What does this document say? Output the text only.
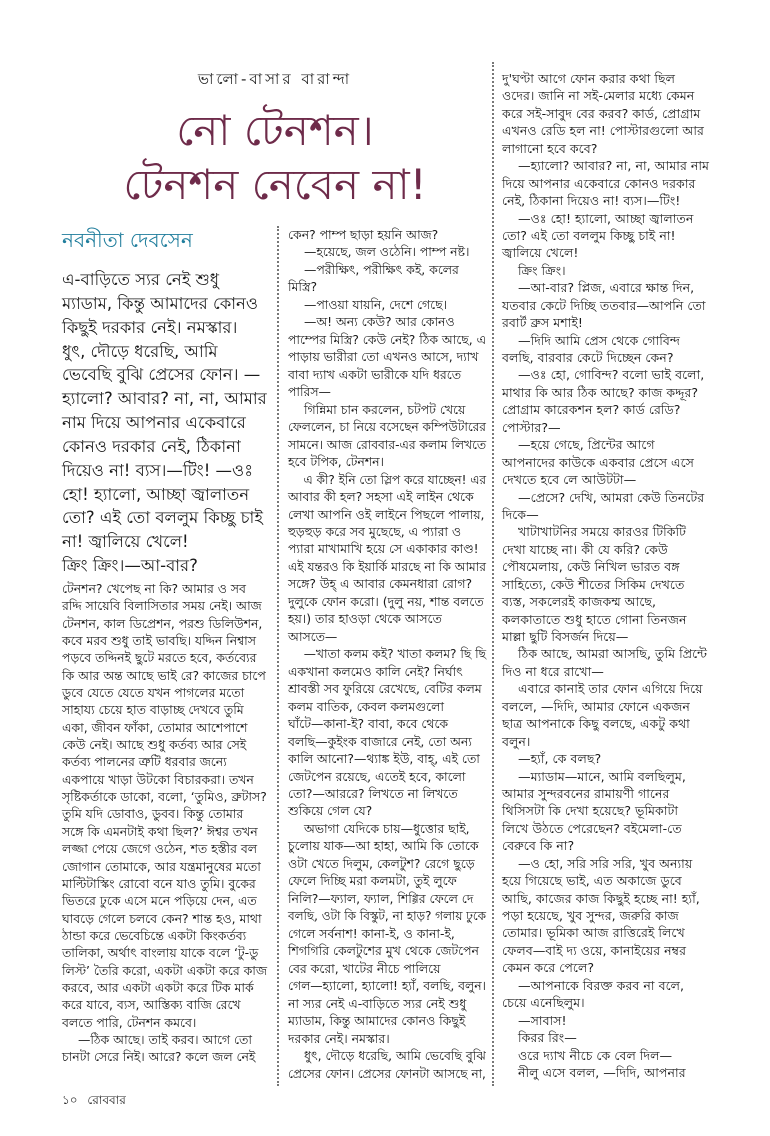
ভালো-বাসার বারান্দা
নো টেনশন।
টেনশন নেবেন না!
নবনীতা দেবসেন
এ-বাড়িতে স্যর নেই শুধু
ম্যাডাম, কিন্তু আমাদের কোনও
কিছুই দরকার নেই। নমস্কার।
ধুৎ, দৌড়ে ধরেছি, আমি
ভেবেছি বুঝি প্রেসের ফোন। —
হ্যালো? আবার? না, না, আমার
নাম দিয়ে আপনার একেবারে
কোনও দরকার নেই, ঠিকানা
দিয়েও না! ব্যস।—টিং! —ওঃ
হো! হ্যালো, আচ্ছা জ্বালাতন
তো? এই তো বললুম কিচ্ছু চাই
না! জ্বালিয়ে খেলে!
ক্রিং ক্রিং।—আ-বার?
টেনশন? খেপেছ না কি? আমার ও সব
রদ্দি সায়েবি বিলাসিতার সময় নেই। আজ
টেনশন, কাল ডিপ্রেশন, পরশু ডিলিউশন,
কবে মরব শুধু তাই ভাবছি। যদ্দিন নিশ্বাস
পড়বে তদ্দিনই ছুটে মরতে হবে, কর্তব্যের
কি আর অন্ত আছে ভাই রে? কাজের চাপে
ডুবে যেতে যেতে যখন পাগলের মতো
সাহায্য চেয়ে হাত বাড়াচ্ছ দেখবে তুমি
একা, জীবন ফাঁকা, তোমার আশেপাশে
কেউ নেই। আছে শুধু কর্তব্য আর সেই
কর্তব্য পালনের ত্রুটি ধরবার জন্যে
একপায়ে খাড়া উটকো বিচারকরা। তখন
সৃষ্টিকর্তাকে ডাকো, বলো, ‘তুমিও, ব্রুটাস?
তুমি যদি ডোবাও, ডুবব। কিন্তু তোমার
সঙ্গে কি এমনটাই কথা ছিল?’ ঈশ্বর তখন
লজ্জা পেয়ে জেগে ওঠেন, শত হস্তীর বল
জোগান তোমাকে, আর যন্ত্রমানুষের মতো
মাল্টিটাস্কিং রোবো বনে যাও তুমি। বুকের
ভিতরে ঢুকে এসে মনে পড়িয়ে দেন, এত
ঘাবড়ে গেলে চলবে কেন? শান্ত হও, মাথা
ঠান্ডা করে ভেবেচিন্তে একটা কিংকর্তব্য
তালিকা, অর্থাৎ বাংলায় যাকে বলে ‘টু-ডু
লিস্ট’ তৈরি করো, একটা একটা করে কাজ
করবে, আর একটা একটা করে টিক মার্ক
করে যাবে, ব্যস, আস্তিক্য বাজি রেখে
বলতে পারি, টেনশন কমবে।
—ঠিক আছে। তাই করব। আগে তো
চানটা সেরে নিই। আরে? কলে জল নেই
কেন? পাম্প ছাড়া হয়নি আজ?
—হয়েছে, জল ওঠেনি। পাম্প নষ্ট।
—পরীক্ষিৎ, পরীক্ষিৎ কই, কলের
মিস্ত্রি?
—পাওয়া যায়নি, দেশে গেছে।
—অ! অন্য কেউ? আর কোনও
পাম্পের মিস্ত্রি? কেউ নেই? ঠিক আছে, এ
পাড়ায় ভারীরা তো এখনও আসে, দ্যাখ
বাবা দ্যাখ একটা ভারীকে যদি ধরতে
পারিস—
গিন্নিমা চান করলেন, চটপট খেয়ে
ফেললেন, চা নিয়ে বসেছেন কম্পিউটারের
সামনে। আজ রোববার-এর কলাম লিখতে
হবে টপিক, টেনশন।
এ কী? ইনি তো স্লিপ করে যাচ্ছেন! এর
আবার কী হল? সহসা এই লাইন থেকে
লেখা আপনি ওই লাইনে পিছলে পালায়,
হুড়হুড় করে সব মুছেছে, এ প্যারা ও
প্যারা মাখামাখি হয়ে সে একাকার কাণ্ড!
এই যন্তরও কি ইয়ার্কি মারছে না কি আমার
সঙ্গে? উহ্ এ আবার কেমনধারা রোগ?
দুলুকে ফোন করো। (দুলু নয়, শান্ত বলতে
হয়।) তার হাওড়া থেকে আসতে
আসতে—
—খাতা কলম কই? খাতা কলম? ছি ছি
একখানা কলমেও কালি নেই? নির্ঘাৎ
শ্রাবস্তী সব ফুরিয়ে রেখেছে, বেটির কলম
কলম বাতিক, কেবল কলমগুলো
ঘাঁটে—কানা-ই? বাবা, কবে থেকে
বলছি—কুইংক বাজারে নেই, তো অন্য
কালি আনো?—থ্যাঙ্ক ইউ, বাহ্, এই তো
জেটপেন রয়েছে, এতেই হবে, কালো
তো?—আররে? লিখতে না লিখতে
শুকিয়ে গেল যে?
অভাগা যেদিকে চায়—ধুত্তোর ছাই,
চুলোয় যাক—আ হাহা, আমি কি তোকে
ওটা খেতে দিলুম, কেলটুশ? রেগে ছুড়ে
ফেলে দিচ্ছি মরা কলমটা, তুই লুফে
নিলি?—ফ্যাল, ফ্যাল, শিগ্গির ফেলে দে
বলছি, ওটা কি বিস্কুট, না হাড়? গলায় ঢুকে
গেলে সর্বনাশ! কানা-ই, ও কানা-ই,
শিগগিরি কেলটুশের মুখ থেকে জেটপেন
বের করো, খাটের নীচে পালিয়ে
গেল—হ্যালো, হ্যালো! হ্যাঁ, বলছি, বলুন।
না স্যর নেই এ-বাড়িতে স্যর নেই শুধু
ম্যাডাম, কিন্তু আমাদের কোনও কিছুই
দরকার নেই। নমস্কার।
ধুৎ, দৌড়ে ধরেছি, আমি ভেবেছি বুঝি
প্রেসের ফোন। প্রেসের ফোনটা আসছে না,
দু'ঘণ্টা আগে ফোন করার কথা ছিল
ওদের। জানি না সই-মেলার মধ্যে কেমন
করে সই-সাবুদ বের করব? কার্ড, প্রোগ্রাম
এখনও রেডি হল না! পোস্টারগুলো আর
লাগানো হবে কবে?
—হ্যালো? আবার? না, না, আমার নাম
দিয়ে আপনার একেবারে কোনও দরকার
নেই, ঠিকানা দিয়েও না! ব্যস।—টিং!
—ওঃ হো! হ্যালো, আচ্ছা জ্বালাতন
তো? এই তো বললুম কিচ্ছু চাই না!
জ্বালিয়ে খেলে!
ক্রিং ক্রিং।
—আ-বার? প্লিজ, এবারে ক্ষান্ত দিন,
যতবার কেটে দিচ্ছি ততবার—আপনি তো
রবার্ট ব্রুস মশাই!
—দিদি আমি প্রেস থেকে গোবিন্দ
বলছি, বারবার কেটে দিচ্ছেন কেন?
—ওঃ হো, গোবিন্দ? বলো ভাই বলো,
মাথার কি আর ঠিক আছে? কাজ কদ্দূর?
প্রোগ্রাম কারেকশন হল? কার্ড রেডি?
পোস্টার?—
—হয়ে গেছে, প্রিন্টের আগে
আপনাদের কাউকে একবার প্রেসে এসে
দেখতে হবে লে আউটটা—
—প্রেসে? দেখি, আমরা কেউ তিনটের
দিকে—
খাটাখাটনির সময়ে কারওর টিকিটি
দেখা যাচ্ছে না। কী যে করি? কেউ
পৌষমেলায়, কেউ নিখিল ভারত বঙ্গ
সাহিত্যে, কেউ শীতের সিকিম দেখতে
ব্যস্ত, সকলেরই কাজকম্ম আছে,
কলকাতাতে শুধু হাতে গোনা তিনজন
মাল্লা ছুটি বিসর্জন দিয়ে—
ঠিক আছে, আমরা আসছি, তুমি প্রিন্টে
দিও না ধরে রাখো—
এবারে কানাই তার ফোন এগিয়ে দিয়ে
বললে, —দিদি, আমার ফোনে একজন
ছাত্র আপনাকে কিছু বলছে, একটু কথা
বলুন।
—হ্যাঁ, কে বলছ?
—ম্যাডাম—মানে, আমি বলছিলুম,
আমার সুন্দরবনের রামায়ণী গানের
থিসিসটা কি দেখা হয়েছে? ভূমিকাটা
লিখে উঠতে পেরেছেন? বইমেলা-তে
বেরুবে কি না?
—ও হো, সরি সরি সরি, খুব অন্যায়
হয়ে গিয়েছে ভাই, এত অকাজে ডুবে
আছি, কাজের কাজ কিছুই হচ্ছে না! হ্যাঁ,
পড়া হয়েছে, খুব সুন্দর, জরুরি কাজ
তোমার। ভূমিকা আজ রাত্তিরেই লিখে
ফেলব—বাই দ্য ওয়ে, কানাইয়ের নম্বর
কেমন করে পেলে?
—আপনাকে বিরক্ত করব না বলে,
চেয়ে এনেছিলুম।
—সাবাস!
কিরর রিং—
ওরে দ্যাখ নীচে কে বেল দিল—
নীলু এসে বলল, —দিদি, আপনার
১০ রোববার
